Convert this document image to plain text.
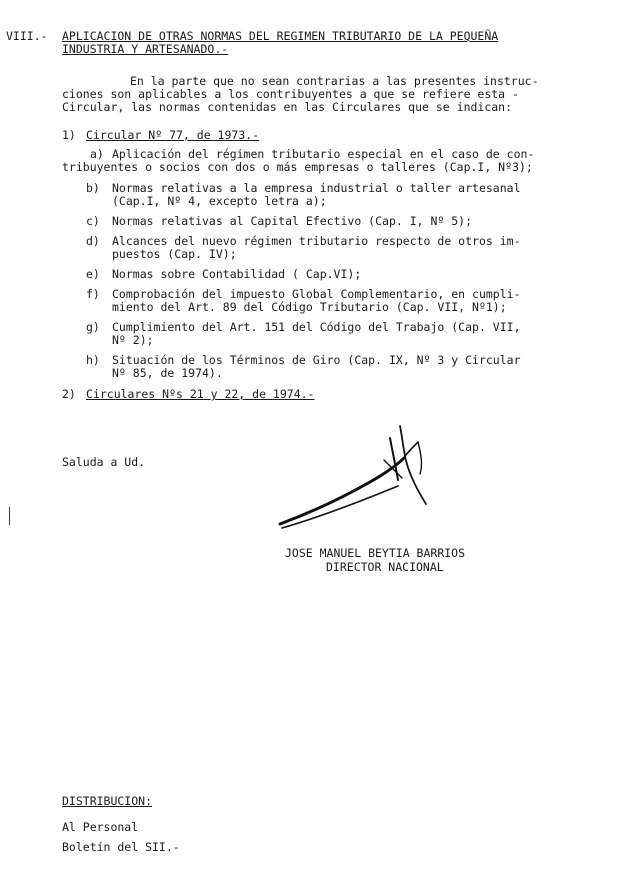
VIII.- APLICACION DE OTRAS NORMAS DEL REGIMEN TRIBUTARIO DE LA PEQUEÑA
INDUSTRIA Y ARTESANADO.-
En la parte que no sean contrarias a las presentes instruc-
ciones son aplicables a los contribuyentes a que se refiere esta -
Circular, las normas contenidas en las Circulares que se indican:
1) Circular Nº 77, de 1973.-
a) Aplicación del régimen tributario especial en el caso de con-
tribuyentes o socios con dos o más empresas o talleres (Cap.I, Nº3);
b) Normas relativas a la empresa industrial o taller artesanal
(Cap.I, Nº 4, excepto letra a);
c) Normas relativas al Capital Efectivo (Cap. I, Nº 5);
d) Alcances del nuevo régimen tributario respecto de otros im-
puestos (Cap. IV);
e) Normas sobre Contabilidad ( Cap.VI);
f) Comprobación del impuesto Global Complementario, en cumpli-
miento del Art. 89 del Código Tributario (Cap. VII, Nº1);
g) Cumplimiento del Art. 151 del Código del Trabajo (Cap. VII,
Nº 2);
h) Situación de los Términos de Giro (Cap. IX, Nº 3 y Circular
Nº 85, de 1974).
2) Circulares Nºs 21 y 22, de 1974.-
Saluda a Ud.
JOSE MANUEL BEYTIA BARRIOS
DIRECTOR NACIONAL
DISTRIBUCION:
Al Personal
Boletín del SII.-
